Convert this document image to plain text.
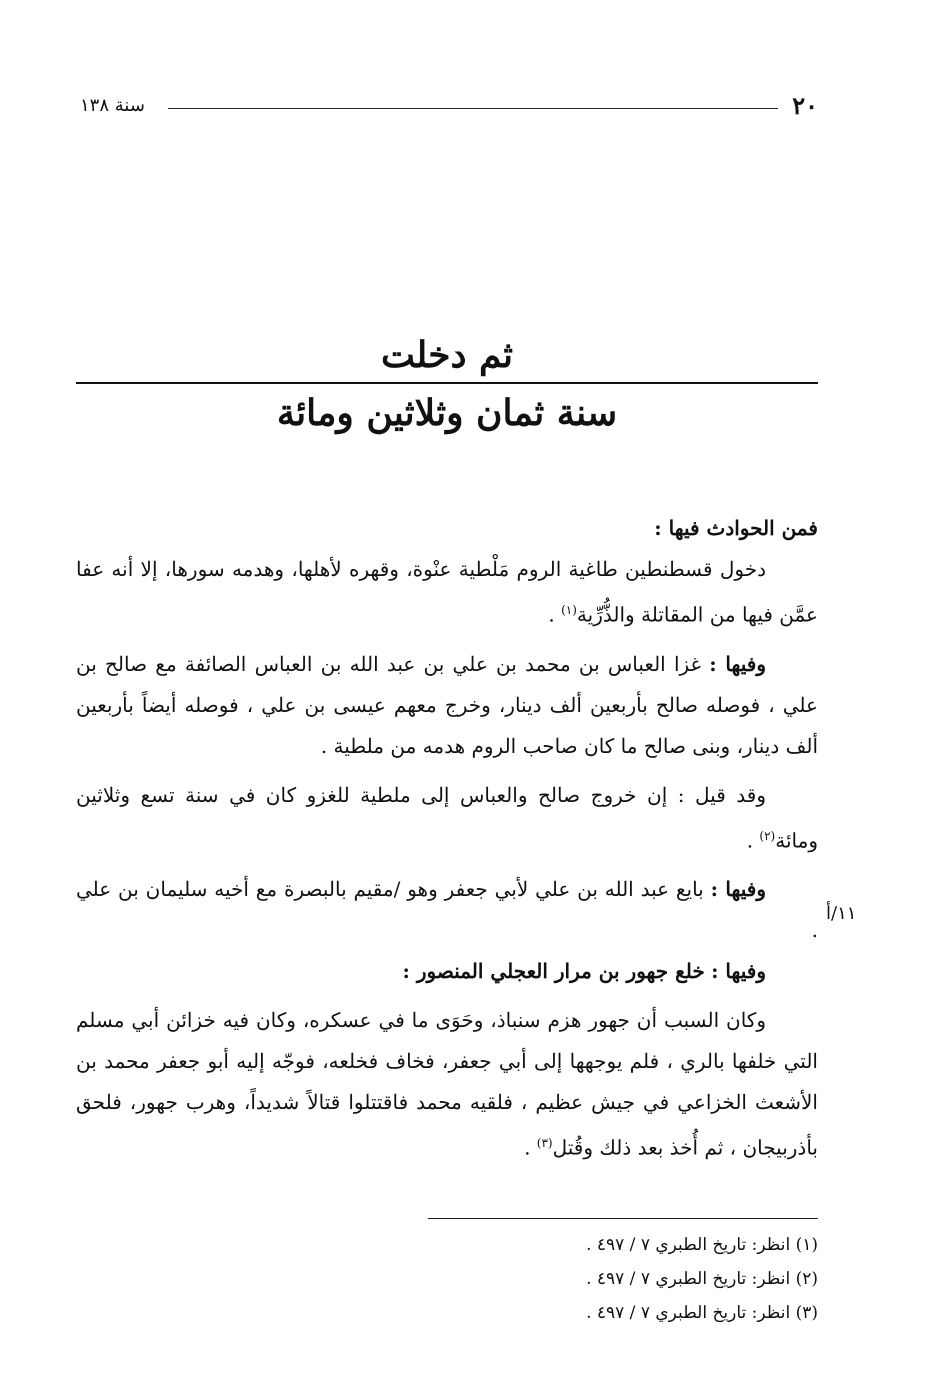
٢٠
سنة ١٣٨
ثم دخلت
سنة ثمان وثلاثين ومائة
١١/أ

فمن الحوادث فيها :

دخول قسطنطين طاغية الروم مَلْطية عنْوة، وقهره لأهلها، وهدمه سورها، إلا أنه عفا عمَّن فيها من المقاتلة والذُّرِّية$^{(١)}$ .

وفيها : غزا العباس بن محمد بن علي بن عبد الله بن العباس الصائفة مع صالح بن علي ، فوصله صالح بأربعين ألف دينار، وخرج معهم عيسى بن علي ، فوصله أيضاً بأربعين ألف دينار، وبنى صالح ما كان صاحب الروم هدمه من ملطية .

وقد قيل : إن خروج صالح والعباس إلى ملطية للغزو كان في سنة تسع وثلاثين ومائة$^{(٢)}$ .

وفيها : بايع عبد الله بن علي لأبي جعفر وهو /مقيم بالبصرة مع أخيه سليمان بن علي .

وفيها : خلع جهور بن مرار العجلي المنصور :

وكان السبب أن جهور هزم سنباذ، وحَوَى ما في عسكره، وكان فيه خزائن أبي مسلم التي خلفها بالري ، فلم يوجهها إلى أبي جعفر، فخاف فخلعه، فوجّه إليه أبو جعفر محمد بن الأشعث الخزاعي في جيش عظيم ، فلقيه محمد فاقتتلوا قتالاً شديداً، وهرب جهور، فلحق بأذربيجان ، ثم أُخذ بعد ذلك وقُتل$^{(٣)}$ .

(١) انظر: تاريخ الطبري ٧ / ٤٩٧ .
(٢) انظر: تاريخ الطبري ٧ / ٤٩٧ .
(٣) انظر: تاريخ الطبري ٧ / ٤٩٧ .
